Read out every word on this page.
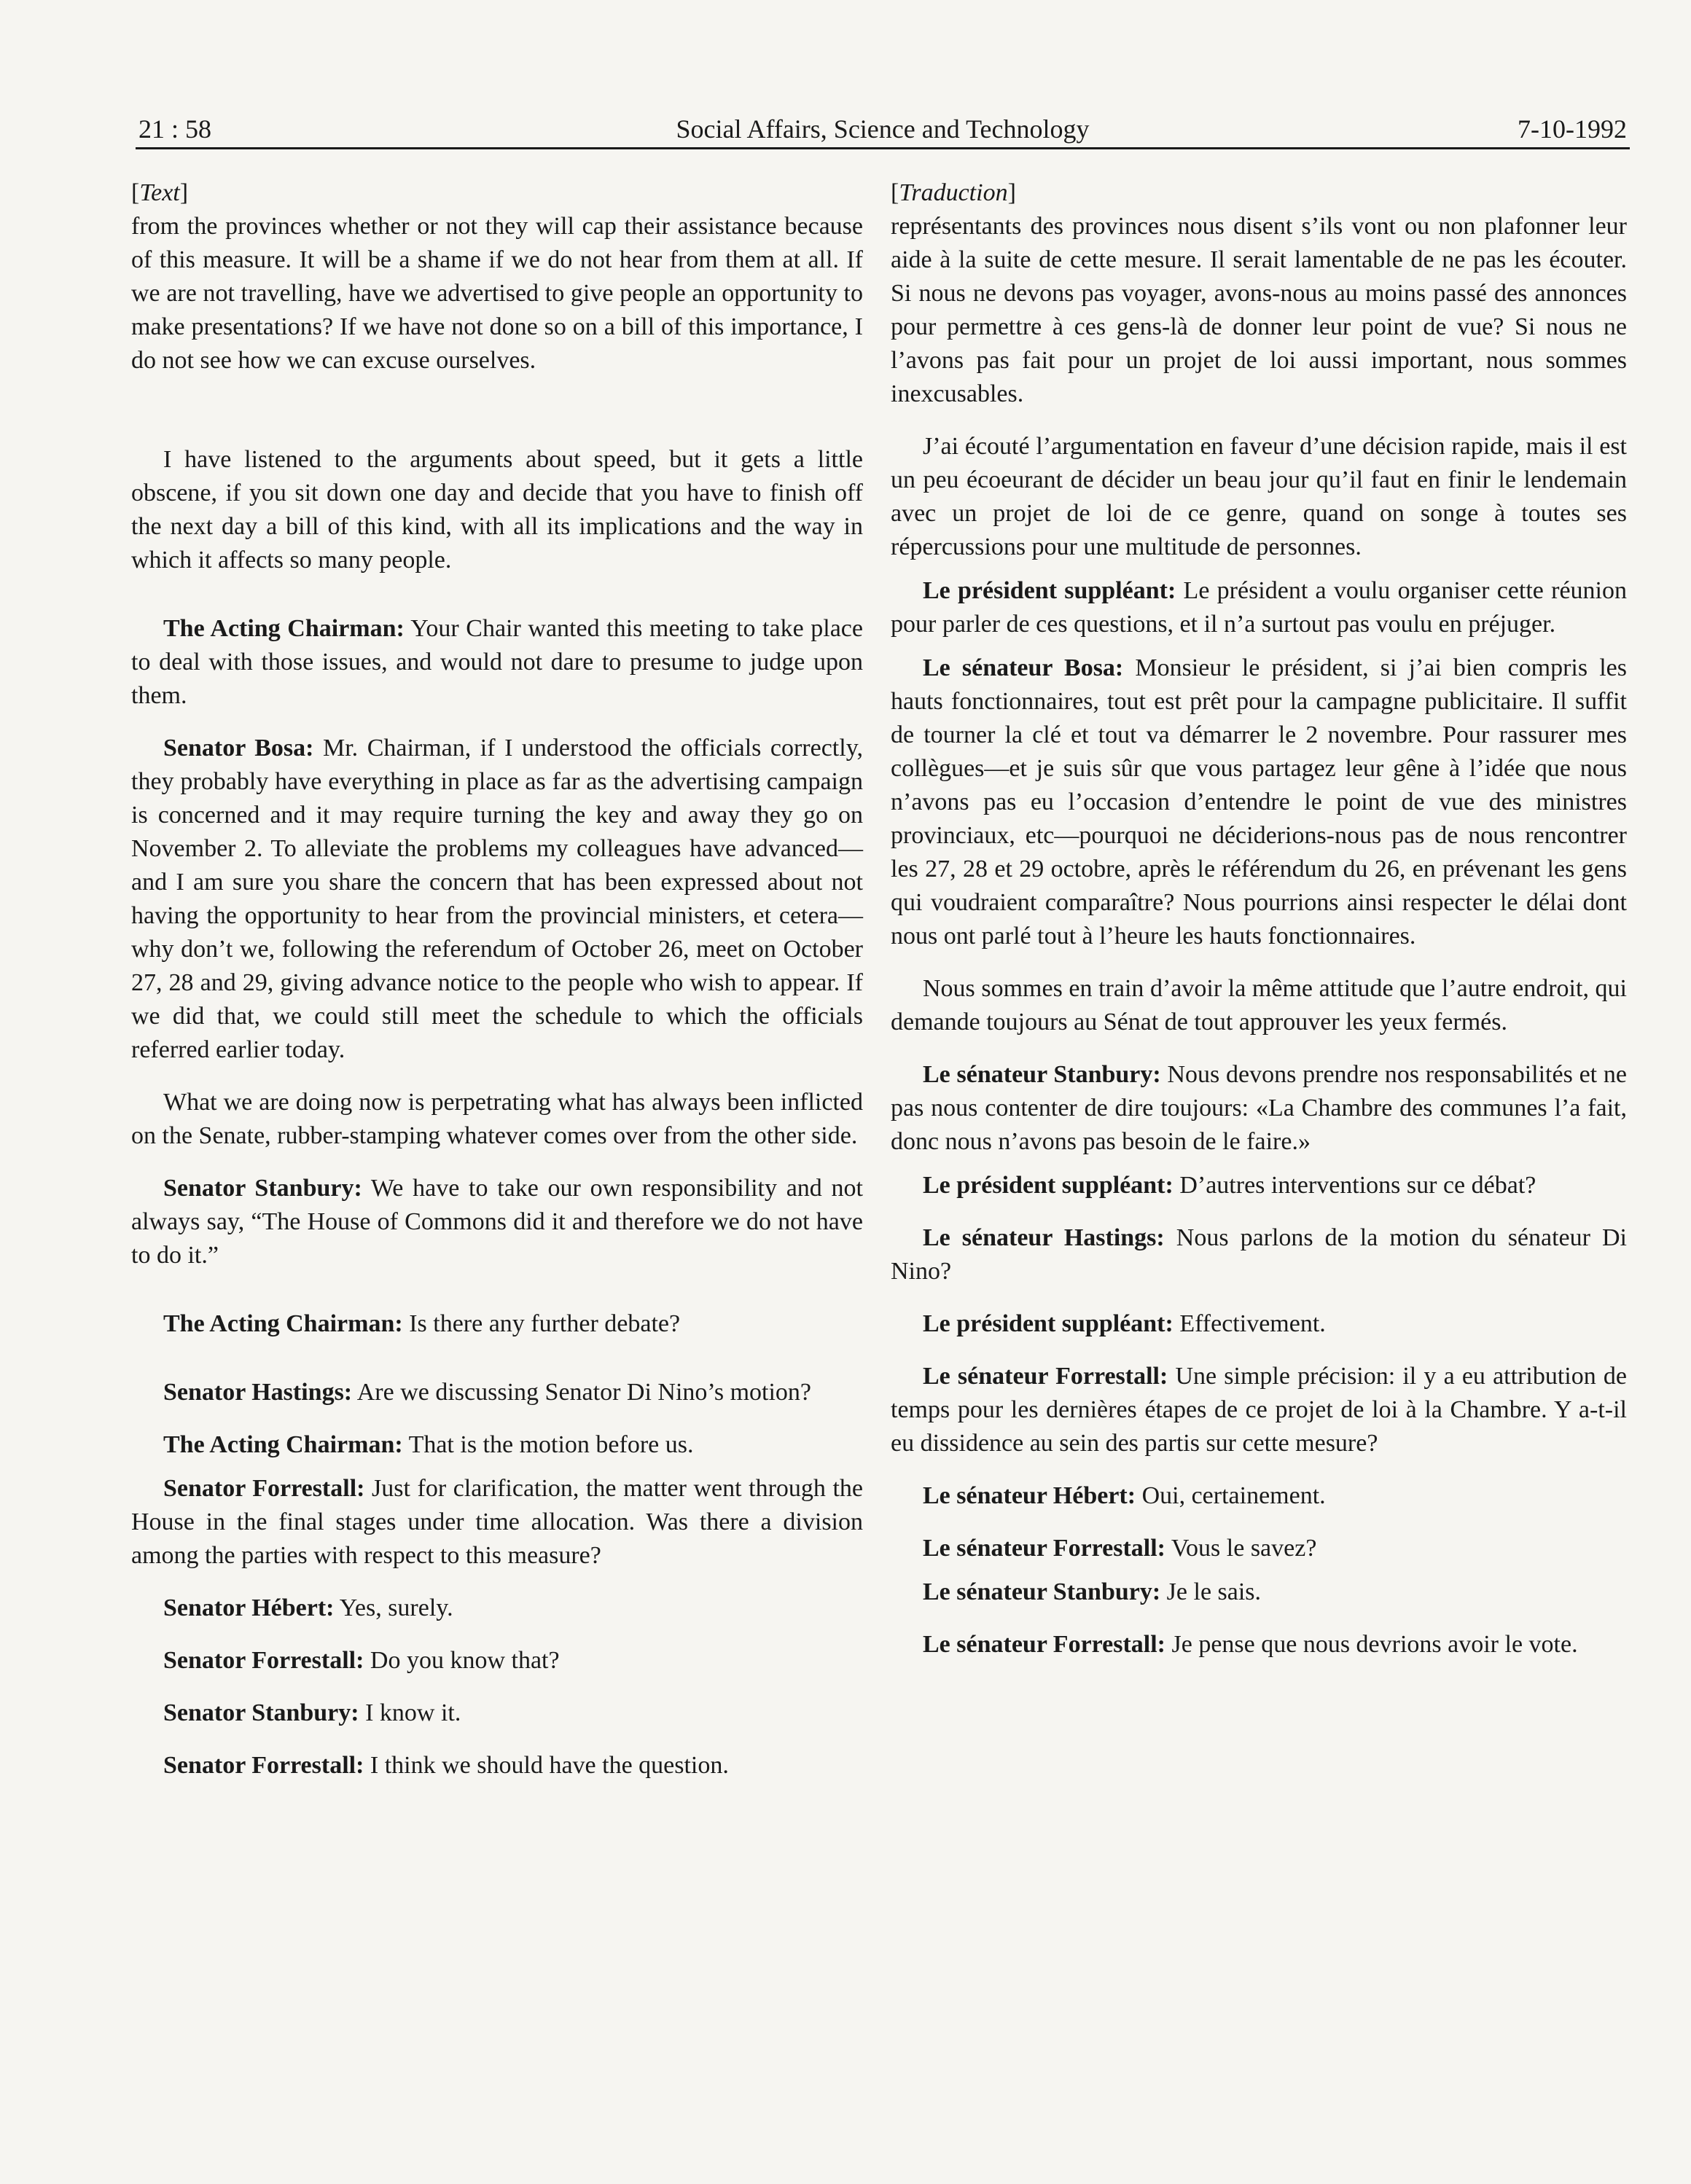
21 : 58	Social Affairs, Science and Technology	7-10-1992
[Text]

from the provinces whether or not they will cap their assistance because of this measure. It will be a shame if we do not hear from them at all. If we are not travelling, have we advertised to give people an opportunity to make presentations? If we have not done so on a bill of this importance, I do not see how we can excuse ourselves.

I have listened to the arguments about speed, but it gets a little obscene, if you sit down one day and decide that you have to finish off the next day a bill of this kind, with all its implications and the way in which it affects so many people.

The Acting Chairman: Your Chair wanted this meeting to take place to deal with those issues, and would not dare to presume to judge upon them.

Senator Bosa: Mr. Chairman, if I understood the officials correctly, they probably have everything in place as far as the advertising campaign is concerned and it may require turning the key and away they go on November 2. To alleviate the problems my colleagues have advanced—and I am sure you share the concern that has been expressed about not having the opportunity to hear from the provincial ministers, et cetera—why don’t we, following the referendum of October 26, meet on October 27, 28 and 29, giving advance notice to the people who wish to appear. If we did that, we could still meet the schedule to which the officials referred earlier today.

What we are doing now is perpetrating what has always been inflicted on the Senate, rubber-stamping whatever comes over from the other side.

Senator Stanbury: We have to take our own responsibility and not always say, “The House of Commons did it and therefore we do not have to do it.”

The Acting Chairman: Is there any further debate?

Senator Hastings: Are we discussing Senator Di Nino’s motion?

The Acting Chairman: That is the motion before us.

Senator Forrestall: Just for clarification, the matter went through the House in the final stages under time allocation. Was there a division among the parties with respect to this measure?

Senator Hébert: Yes, surely.

Senator Forrestall: Do you know that?

Senator Stanbury: I know it.

Senator Forrestall: I think we should have the question.

[Traduction]

représentants des provinces nous disent s’ils vont ou non plafonner leur aide à la suite de cette mesure. Il serait lamentable de ne pas les écouter. Si nous ne devons pas voyager, avons-nous au moins passé des annonces pour permettre à ces gens-là de donner leur point de vue? Si nous ne l’avons pas fait pour un projet de loi aussi important, nous sommes inexcusables.

J’ai écouté l’argumentation en faveur d’une décision rapide, mais il est un peu écoeurant de décider un beau jour qu’il faut en finir le lendemain avec un projet de loi de ce genre, quand on songe à toutes ses répercussions pour une multitude de personnes.

Le président suppléant: Le président a voulu organiser cette réunion pour parler de ces questions, et il n’a surtout pas voulu en préjuger.

Le sénateur Bosa: Monsieur le président, si j’ai bien compris les hauts fonctionnaires, tout est prêt pour la campagne publicitaire. Il suffit de tourner la clé et tout va démarrer le 2 novembre. Pour rassurer mes collègues—et je suis sûr que vous partagez leur gêne à l’idée que nous n’avons pas eu l’occasion d’entendre le point de vue des ministres provinciaux, etc—pourquoi ne déciderions-nous pas de nous rencontrer les 27, 28 et 29 octobre, après le référendum du 26, en prévenant les gens qui voudraient comparaître? Nous pourrions ainsi respecter le délai dont nous ont parlé tout à l’heure les hauts fonctionnaires.

Nous sommes en train d’avoir la même attitude que l’autre endroit, qui demande toujours au Sénat de tout approuver les yeux fermés.

Le sénateur Stanbury: Nous devons prendre nos responsabilités et ne pas nous contenter de dire toujours: «La Chambre des communes l’a fait, donc nous n’avons pas besoin de le faire.»

Le président suppléant: D’autres interventions sur ce débat?

Le sénateur Hastings: Nous parlons de la motion du sénateur Di Nino?

Le président suppléant: Effectivement.

Le sénateur Forrestall: Une simple précision: il y a eu attribution de temps pour les dernières étapes de ce projet de loi à la Chambre. Y a-t-il eu dissidence au sein des partis sur cette mesure?

Le sénateur Hébert: Oui, certainement.

Le sénateur Forrestall: Vous le savez?

Le sénateur Stanbury: Je le sais.

Le sénateur Forrestall: Je pense que nous devrions avoir le vote.
